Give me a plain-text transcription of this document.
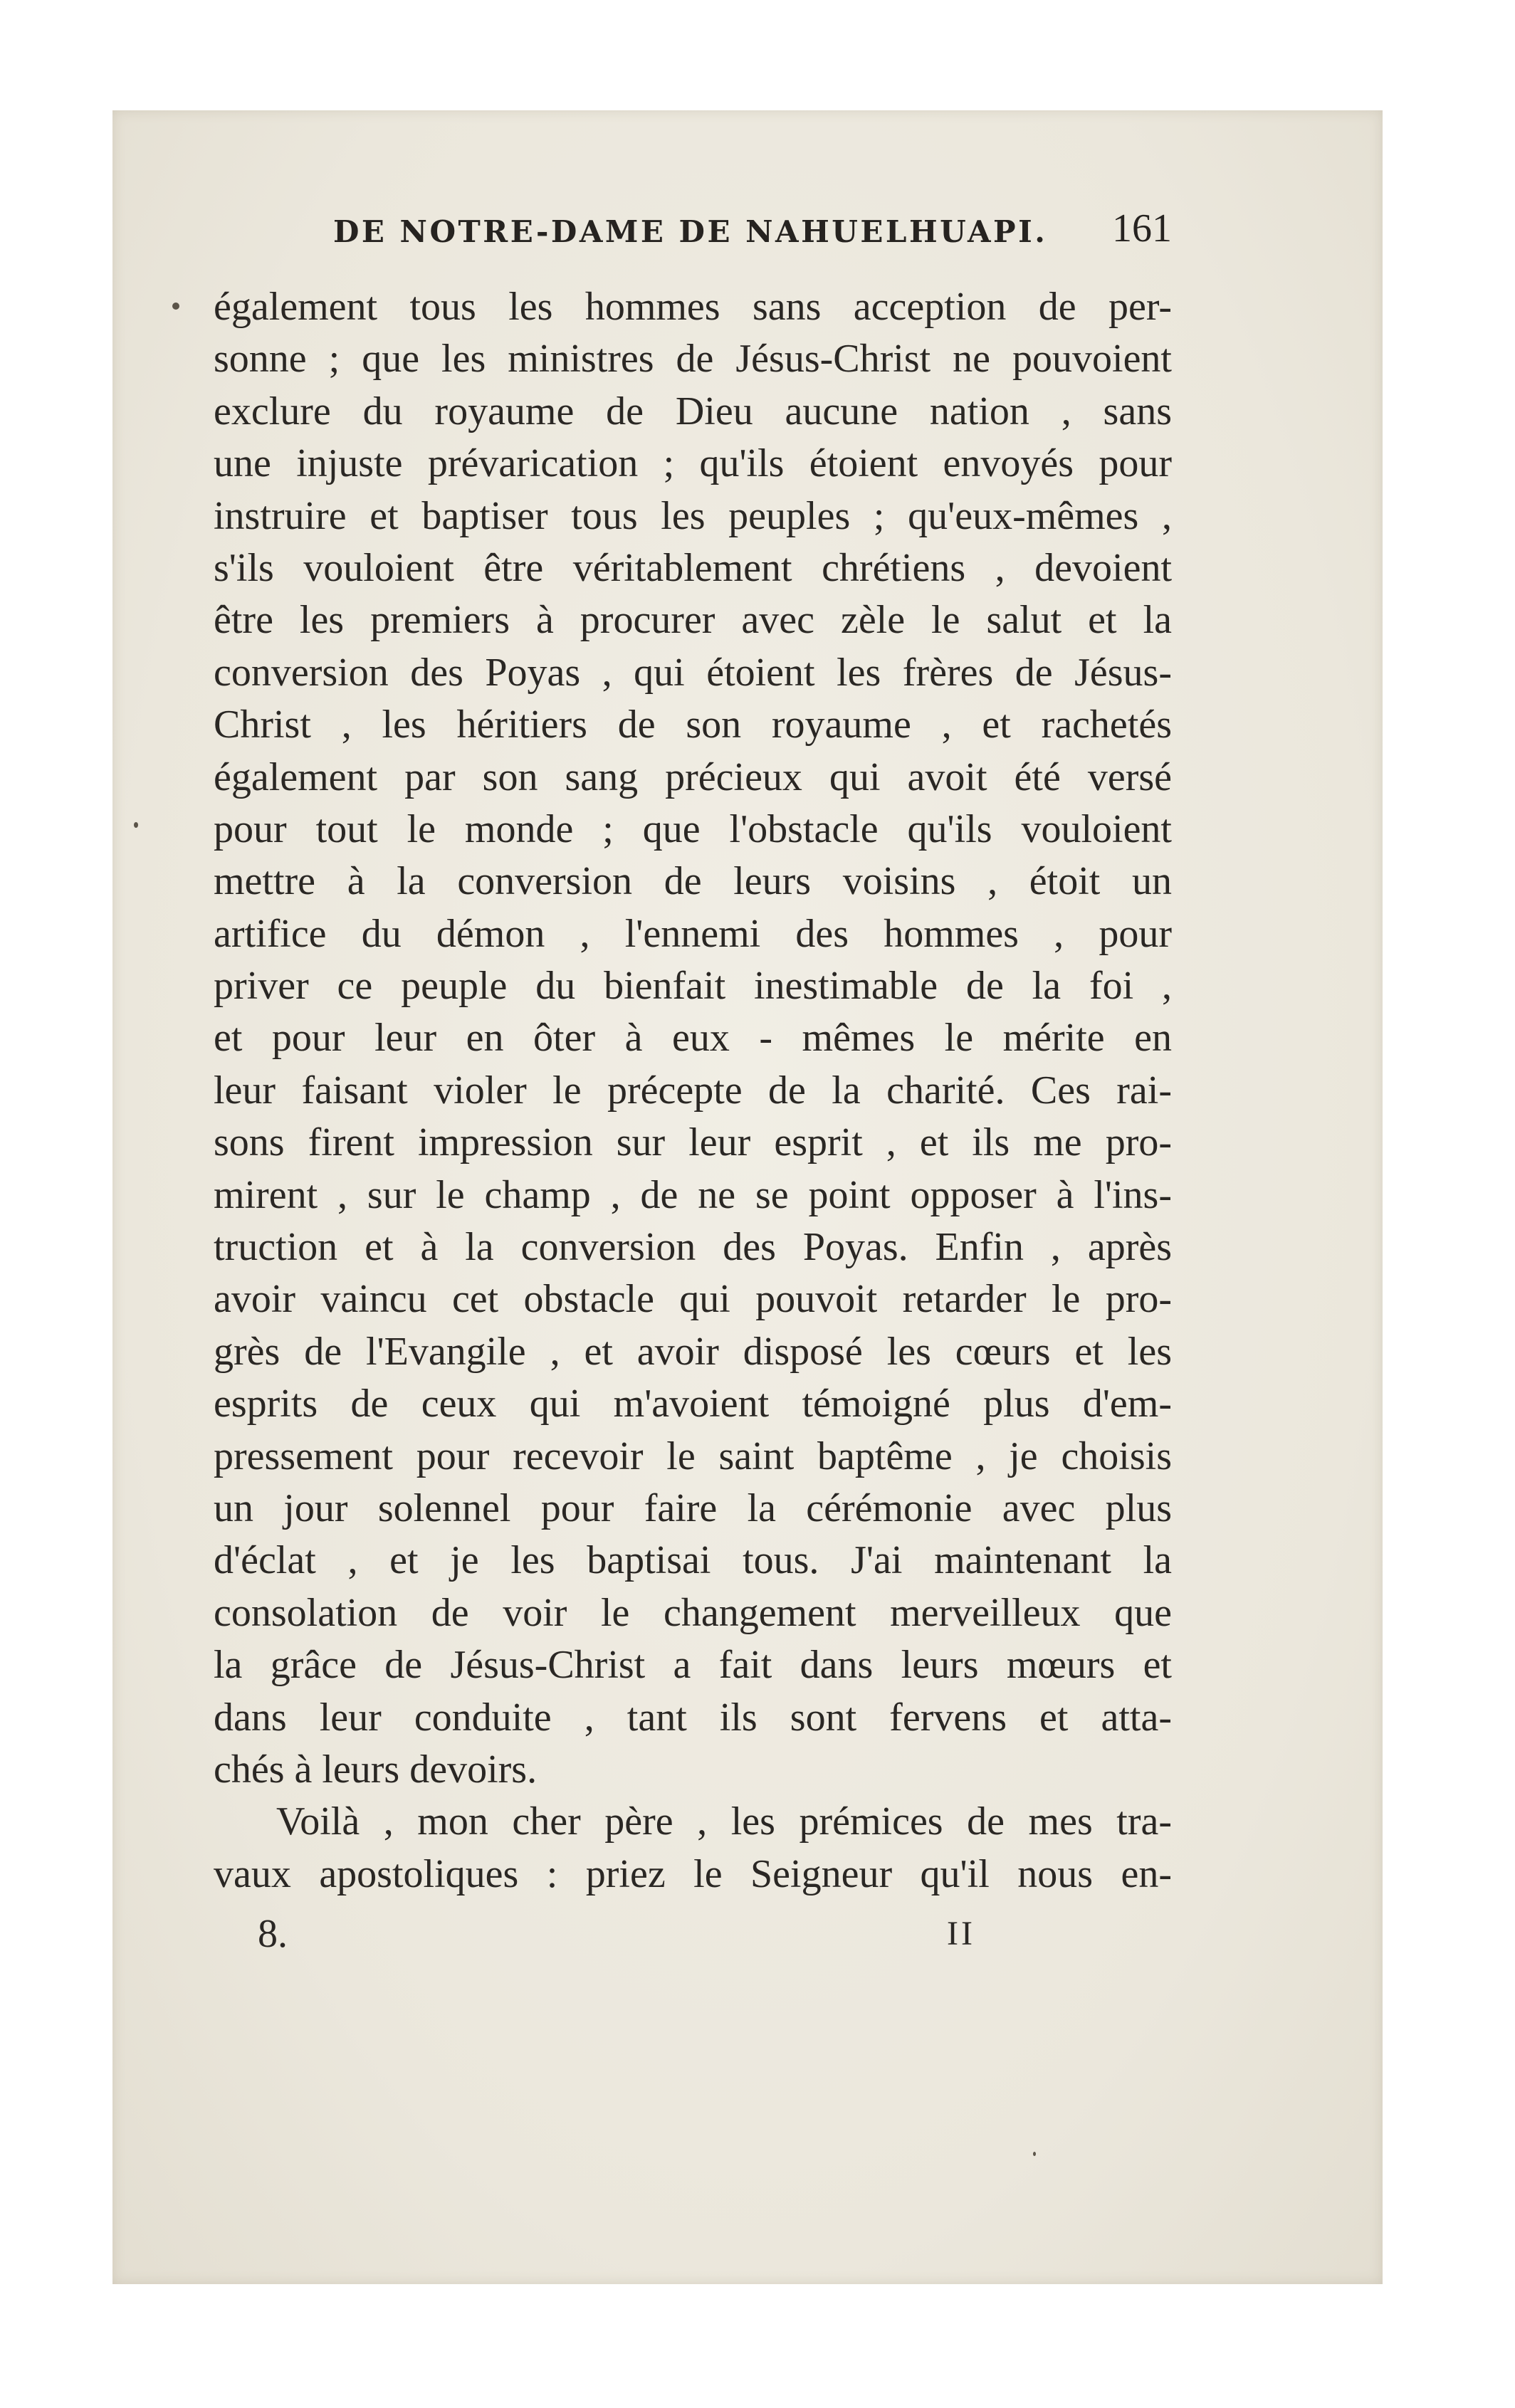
DE NOTRE-DAME DE NAHUELHUAPI. 161
également tous les hommes sans acception de per-
sonne ; que les ministres de Jésus-Christ ne pouvoient
exclure du royaume de Dieu aucune nation , sans
une injuste prévarication ; qu'ils étoient envoyés pour
instruire et baptiser tous les peuples ; qu'eux-mêmes ,
s'ils vouloient être véritablement chrétiens , devoient
être les premiers à procurer avec zèle le salut et la
conversion des Poyas , qui étoient les frères de Jésus-
Christ , les héritiers de son royaume , et rachetés
également par son sang précieux qui avoit été versé
pour tout le monde ; que l'obstacle qu'ils vouloient
mettre à la conversion de leurs voisins , étoit un
artifice du démon , l'ennemi des hommes , pour
priver ce peuple du bienfait inestimable de la foi ,
et pour leur en ôter à eux - mêmes le mérite en
leur faisant violer le précepte de la charité. Ces rai-
sons firent impression sur leur esprit , et ils me pro-
mirent , sur le champ , de ne se point opposer à l'ins-
truction et à la conversion des Poyas. Enfin , après
avoir vaincu cet obstacle qui pouvoit retarder le pro-
grès de l'Evangile , et avoir disposé les cœurs et les
esprits de ceux qui m'avoient témoigné plus d'em-
pressement pour recevoir le saint baptême , je choisis
un jour solennel pour faire la cérémonie avec plus
d'éclat , et je les baptisai tous. J'ai maintenant la
consolation de voir le changement merveilleux que
la grâce de Jésus-Christ a fait dans leurs mœurs et
dans leur conduite , tant ils sont fervens et atta-
chés à leurs devoirs.
Voilà , mon cher père , les prémices de mes tra-
vaux apostoliques : priez le Seigneur qu'il nous en-
8.	II
